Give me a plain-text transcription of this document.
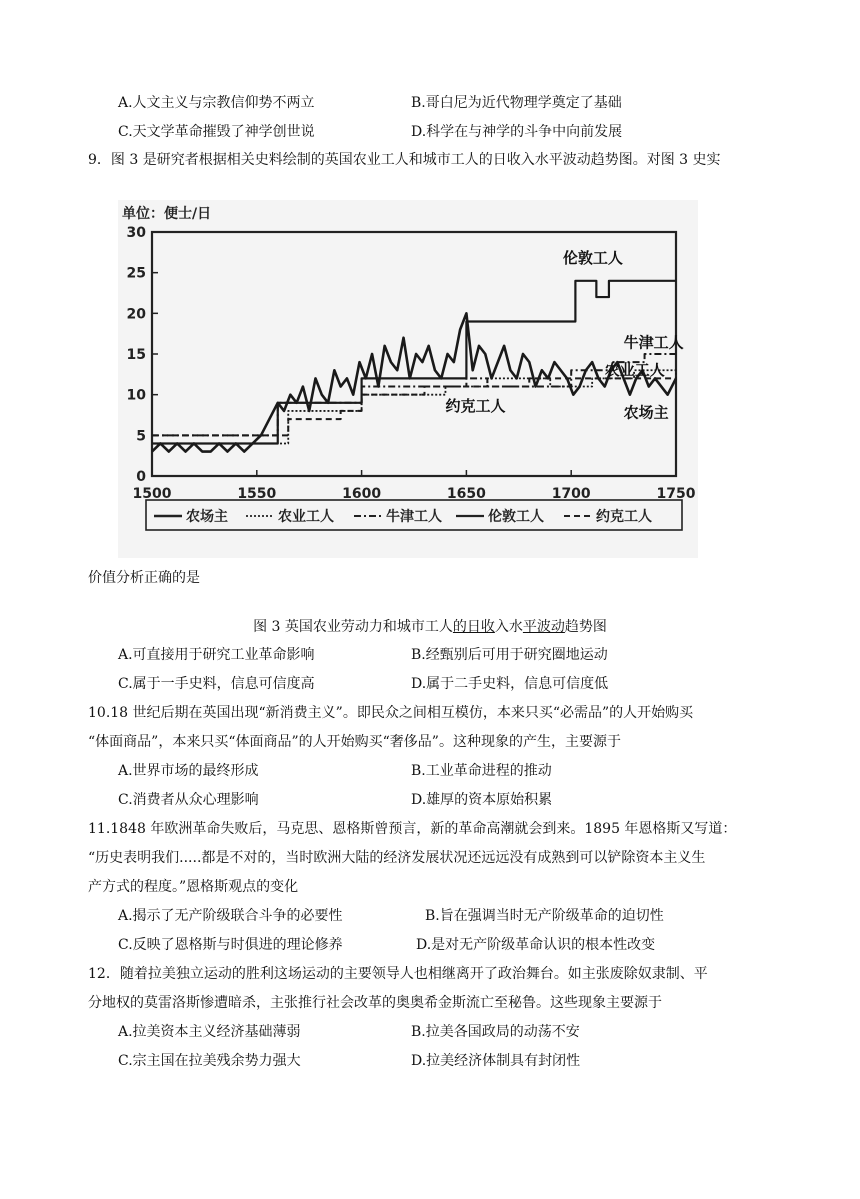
A.人文主义与宗教信仰势不两立	B.哥白尼为近代物理学奠定了基础
C.天文学革命摧毁了神学创世说	D.科学在与神学的斗争中向前发展
9．图 3 是研究者根据相关史料绘制的英国农业工人和城市工人的日收入水平波动趋势图。对图 3 史实
单位：便士/日
0
5
10
15
20
25
30
1500	1550	1600	1650	1700	1750
伦敦工人
牛津工人
农业工人
约克工人	农场主
农场主	农业工人	牛津工人	伦敦工人	约克工人
价值分析正确的是
图 3 英国农业劳动力和城市工人的日收入水平波动趋势图
A.可直接用于研究工业革命影响	B.经甄别后可用于研究圈地运动
C.属于一手史料，信息可信度高	D.属于二手史料，信息可信度低
10.18 世纪后期在英国出现“新消费主义”。即民众之间相互模仿，本来只买“必需品”的人开始购买
“体面商品”，本来只买“体面商品”的人开始购买“奢侈品”。这种现象的产生，主要源于
A.世界市场的最终形成	B.工业革命进程的推动
C.消费者从众心理影响	D.雄厚的资本原始积累
11.1848 年欧洲革命失败后，马克思、恩格斯曾预言，新的革命高潮就会到来。1895 年恩格斯又写道：
“历史表明我们.....都是不对的，当时欧洲大陆的经济发展状况还远远没有成熟到可以铲除资本主义生
产方式的程度。”恩格斯观点的变化
A.揭示了无产阶级联合斗争的必要性	B.旨在强调当时无产阶级革命的迫切性
C.反映了恩格斯与时俱进的理论修养	D.是对无产阶级革命认识的根本性改变
12．随着拉美独立运动的胜利这场运动的主要领导人也相继离开了政治舞台。如主张废除奴隶制、平
分地权的莫雷洛斯惨遭暗杀，主张推行社会改革的奥奥希金斯流亡至秘鲁。这些现象主要源于
A.拉美资本主义经济基础薄弱	B.拉美各国政局的动荡不安
C.宗主国在拉美残余势力强大	D.拉美经济体制具有封闭性
